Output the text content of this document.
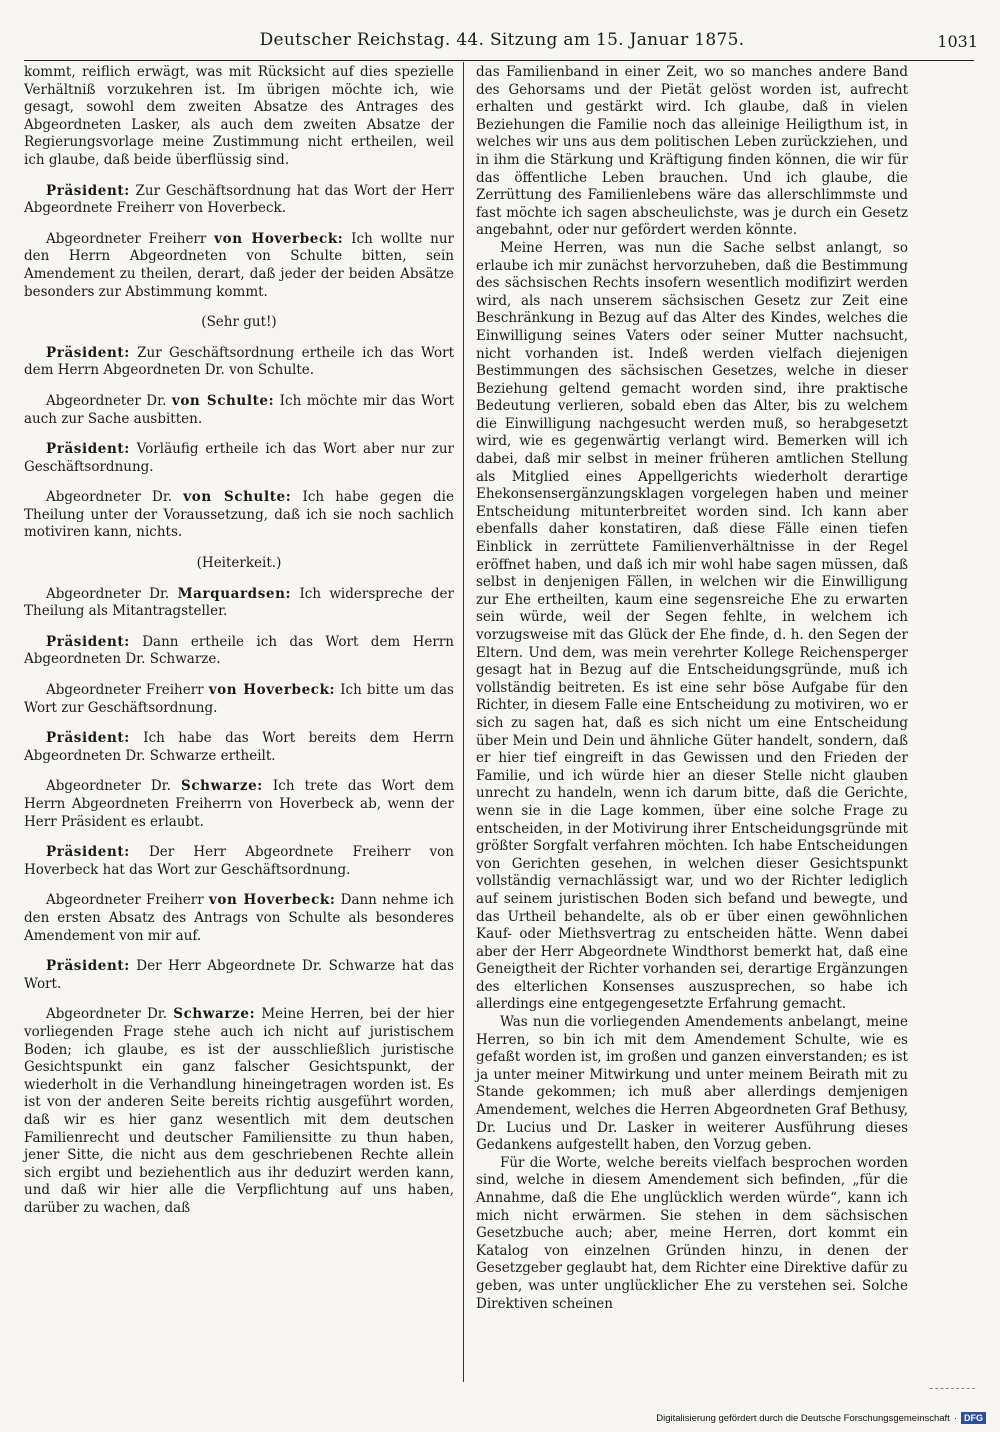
Deutscher Reichstag. 44. Sitzung am 15. Januar 1875.	1031

kommt, reiflich erwägt, was mit Rücksicht auf dies spezielle Verhältniß vorzukehren ist. Im übrigen möchte ich, wie gesagt, sowohl dem zweiten Absatze des Antrages des Abgeordneten Lasker, als auch dem zweiten Absatze der Regierungsvorlage meine Zustimmung nicht ertheilen, weil ich glaube, daß beide überflüssig sind.

Präsident: Zur Geschäftsordnung hat das Wort der Herr Abgeordnete Freiherr von Hoverbeck.

Abgeordneter Freiherr von Hoverbeck: Ich wollte nur den Herrn Abgeordneten von Schulte bitten, sein Amendement zu theilen, derart, daß jeder der beiden Absätze besonders zur Abstimmung kommt.

(Sehr gut!)

Präsident: Zur Geschäftsordnung ertheile ich das Wort dem Herrn Abgeordneten Dr. von Schulte.

Abgeordneter Dr. von Schulte: Ich möchte mir das Wort auch zur Sache ausbitten.

Präsident: Vorläufig ertheile ich das Wort aber nur zur Geschäftsordnung.

Abgeordneter Dr. von Schulte: Ich habe gegen die Theilung unter der Voraussetzung, daß ich sie noch sachlich motiviren kann, nichts.

(Heiterkeit.)

Abgeordneter Dr. Marquardsen: Ich widerspreche der Theilung als Mitantragsteller.

Präsident: Dann ertheile ich das Wort dem Herrn Abgeordneten Dr. Schwarze.

Abgeordneter Freiherr von Hoverbeck: Ich bitte um das Wort zur Geschäftsordnung.

Präsident: Ich habe das Wort bereits dem Herrn Abgeordneten Dr. Schwarze ertheilt.

Abgeordneter Dr. Schwarze: Ich trete das Wort dem Herrn Abgeordneten Freiherrn von Hoverbeck ab, wenn der Herr Präsident es erlaubt.

Präsident: Der Herr Abgeordnete Freiherr von Hoverbeck hat das Wort zur Geschäftsordnung.

Abgeordneter Freiherr von Hoverbeck: Dann nehme ich den ersten Absatz des Antrags von Schulte als besonderes Amendement von mir auf.

Präsident: Der Herr Abgeordnete Dr. Schwarze hat das Wort.

Abgeordneter Dr. Schwarze: Meine Herren, bei der hier vorliegenden Frage stehe auch ich nicht auf juristischem Boden; ich glaube, es ist der ausschließlich juristische Gesichtspunkt ein ganz falscher Gesichtspunkt, der wiederholt in die Verhandlung hineingetragen worden ist. Es ist von der anderen Seite bereits richtig ausgeführt worden, daß wir es hier ganz wesentlich mit dem deutschen Familienrecht und deutscher Familiensitte zu thun haben, jener Sitte, die nicht aus dem geschriebenen Rechte allein sich ergibt und beziehentlich aus ihr deduzirt werden kann, und daß wir hier alle die Verpflichtung auf uns haben, darüber zu wachen, daß

das Familienband in einer Zeit, wo so manches andere Band des Gehorsams und der Pietät gelöst worden ist, aufrecht erhalten und gestärkt wird. Ich glaube, daß in vielen Beziehungen die Familie noch das alleinige Heiligthum ist, in welches wir uns aus dem politischen Leben zurückziehen, und in ihm die Stärkung und Kräftigung finden können, die wir für das öffentliche Leben brauchen. Und ich glaube, die Zerrüttung des Familienlebens wäre das allerschlimmste und fast möchte ich sagen abscheulichste, was je durch ein Gesetz angebahnt, oder nur gefördert werden könnte.

Meine Herren, was nun die Sache selbst anlangt, so erlaube ich mir zunächst hervorzuheben, daß die Bestimmung des sächsischen Rechts insofern wesentlich modifizirt werden wird, als nach unserem sächsischen Gesetz zur Zeit eine Beschränkung in Bezug auf das Alter des Kindes, welches die Einwilligung seines Vaters oder seiner Mutter nachsucht, nicht vorhanden ist. Indeß werden vielfach diejenigen Bestimmungen des sächsischen Gesetzes, welche in dieser Beziehung geltend gemacht worden sind, ihre praktische Bedeutung verlieren, sobald eben das Alter, bis zu welchem die Einwilligung nachgesucht werden muß, so herabgesetzt wird, wie es gegenwärtig verlangt wird. Bemerken will ich dabei, daß mir selbst in meiner früheren amtlichen Stellung als Mitglied eines Appellgerichts wiederholt derartige Ehekonsensergänzungsklagen vorgelegen haben und meiner Entscheidung mitunterbreitet worden sind. Ich kann aber ebenfalls daher konstatiren, daß diese Fälle einen tiefen Einblick in zerrüttete Familienverhältnisse in der Regel eröffnet haben, und daß ich mir wohl habe sagen müssen, daß selbst in denjenigen Fällen, in welchen wir die Einwilligung zur Ehe ertheilten, kaum eine segensreiche Ehe zu erwarten sein würde, weil der Segen fehlte, in welchem ich vorzugsweise mit das Glück der Ehe finde, d. h. den Segen der Eltern. Und dem, was mein verehrter Kollege Reichensperger gesagt hat in Bezug auf die Entscheidungsgründe, muß ich vollständig beitreten. Es ist eine sehr böse Aufgabe für den Richter, in diesem Falle eine Entscheidung zu motiviren, wo er sich zu sagen hat, daß es sich nicht um eine Entscheidung über Mein und Dein und ähnliche Güter handelt, sondern, daß er hier tief eingreift in das Gewissen und den Frieden der Familie, und ich würde hier an dieser Stelle nicht glauben unrecht zu handeln, wenn ich darum bitte, daß die Gerichte, wenn sie in die Lage kommen, über eine solche Frage zu entscheiden, in der Motivirung ihrer Entscheidungsgründe mit größter Sorgfalt verfahren möchten. Ich habe Entscheidungen von Gerichten gesehen, in welchen dieser Gesichtspunkt vollständig vernachlässigt war, und wo der Richter lediglich auf seinem juristischen Boden sich befand und bewegte, und das Urtheil behandelte, als ob er über einen gewöhnlichen Kauf- oder Miethsvertrag zu entscheiden hätte. Wenn dabei aber der Herr Abgeordnete Windthorst bemerkt hat, daß eine Geneigtheit der Richter vorhanden sei, derartige Ergänzungen des elterlichen Konsenses auszusprechen, so habe ich allerdings eine entgegengesetzte Erfahrung gemacht.

Was nun die vorliegenden Amendements anbelangt, meine Herren, so bin ich mit dem Amendement Schulte, wie es gefaßt worden ist, im großen und ganzen einverstanden; es ist ja unter meiner Mitwirkung und unter meinem Beirath mit zu Stande gekommen; ich muß aber allerdings demjenigen Amendement, welches die Herren Abgeordneten Graf Bethusy, Dr. Lucius und Dr. Lasker in weiterer Ausführung dieses Gedankens aufgestellt haben, den Vorzug geben.

Für die Worte, welche bereits vielfach besprochen worden sind, welche in diesem Amendement sich befinden, „für die Annahme, daß die Ehe unglücklich werden würde“, kann ich mich nicht erwärmen. Sie stehen in dem sächsischen Gesetzbuche auch; aber, meine Herren, dort kommt ein Katalog von einzelnen Gründen hinzu, in denen der Gesetzgeber geglaubt hat, dem Richter eine Direktive dafür zu geben, was unter unglücklicher Ehe zu verstehen sei. Solche Direktiven scheinen

Digitalisierung gefördert durch die Deutsche Forschungsgemeinschaft · DFG
